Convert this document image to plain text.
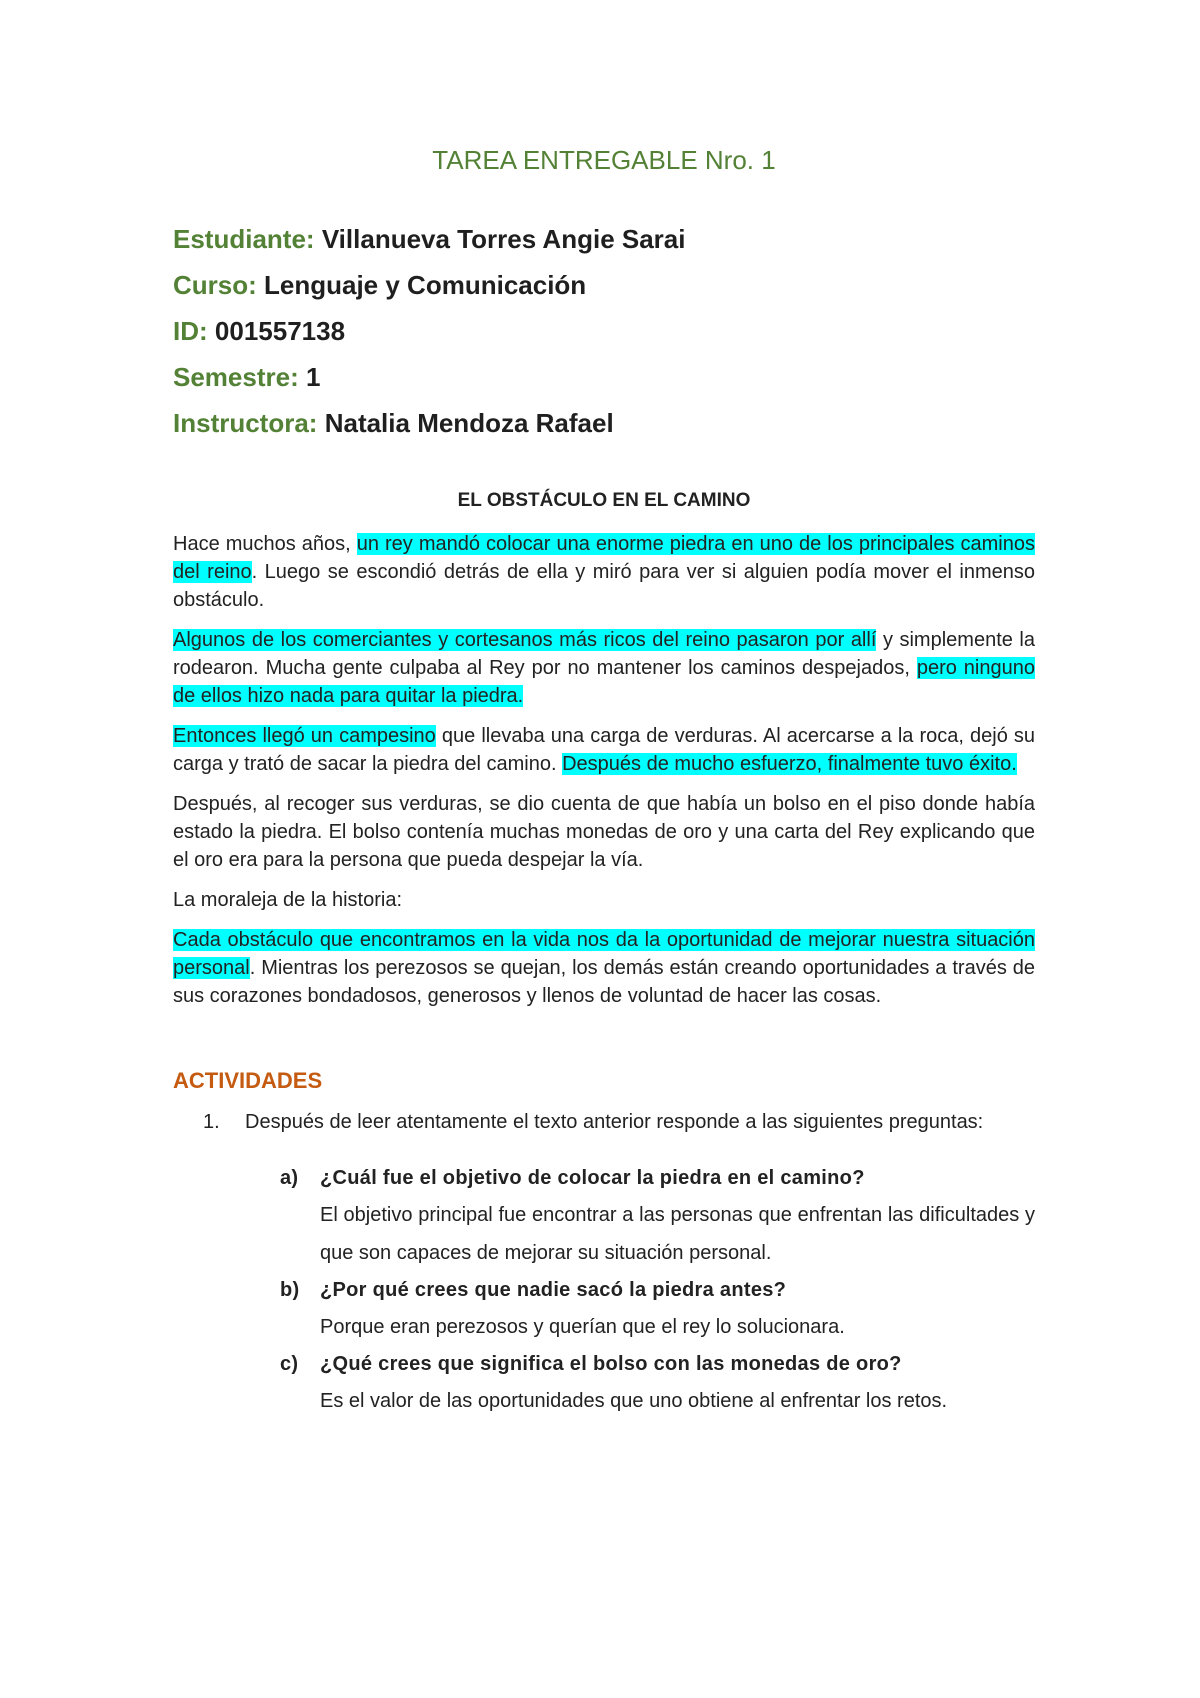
TAREA ENTREGABLE Nro. 1
Estudiante: Villanueva Torres Angie Sarai
Curso: Lenguaje y Comunicación
ID: 001557138
Semestre: 1
Instructora: Natalia Mendoza Rafael
EL OBSTÁCULO EN EL CAMINO

Hace muchos años, un rey mandó colocar una enorme piedra en uno de los principales caminos del reino. Luego se escondió detrás de ella y miró para ver si alguien podía mover el inmenso obstáculo.

Algunos de los comerciantes y cortesanos más ricos del reino pasaron por allí y simplemente la rodearon. Mucha gente culpaba al Rey por no mantener los caminos despejados, pero ninguno de ellos hizo nada para quitar la piedra.

Entonces llegó un campesino que llevaba una carga de verduras. Al acercarse a la roca, dejó su carga y trató de sacar la piedra del camino. Después de mucho esfuerzo, finalmente tuvo éxito.

Después, al recoger sus verduras, se dio cuenta de que había un bolso en el piso donde había estado la piedra. El bolso contenía muchas monedas de oro y una carta del Rey explicando que el oro era para la persona que pueda despejar la vía.

La moraleja de la historia:

Cada obstáculo que encontramos en la vida nos da la oportunidad de mejorar nuestra situación personal. Mientras los perezosos se quejan, los demás están creando oportunidades a través de sus corazones bondadosos, generosos y llenos de voluntad de hacer las cosas.

ACTIVIDADES
1.	Después de leer atentamente el texto anterior responde a las siguientes preguntas:
a)	¿Cuál fue el objetivo de colocar la piedra en el camino?
El objetivo principal fue encontrar a las personas que enfrentan las dificultades y que son capaces de mejorar su situación personal.
b)	¿Por qué crees que nadie sacó la piedra antes?
Porque eran perezosos y querían que el rey lo solucionara.
c)	¿Qué crees que significa el bolso con las monedas de oro?
Es el valor de las oportunidades que uno obtiene al enfrentar los retos.
